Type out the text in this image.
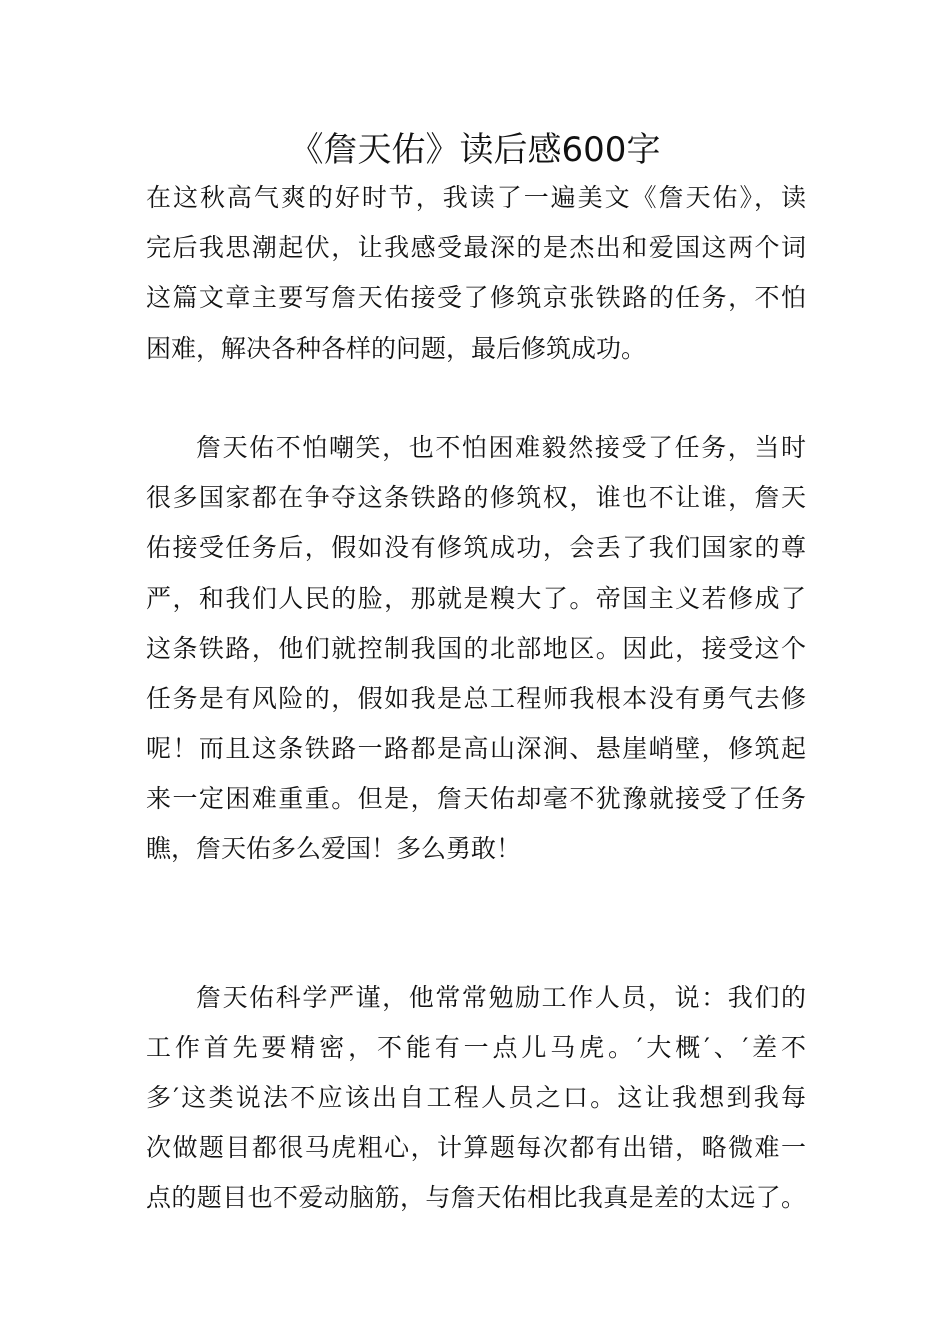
《詹天佑》读后感600字
在这秋高气爽的好时节，我读了一遍美文《詹天佑》，读
完后我思潮起伏，让我感受最深的是杰出和爱国这两个词
这篇文章主要写詹天佑接受了修筑京张铁路的任务，不怕
困难，解决各种各样的问题，最后修筑成功。
詹天佑不怕嘲笑，也不怕困难毅然接受了任务，当时
很多国家都在争夺这条铁路的修筑权，谁也不让谁，詹天
佑接受任务后，假如没有修筑成功，会丢了我们国家的尊
严，和我们人民的脸，那就是糗大了。帝国主义若修成了
这条铁路，他们就控制我国的北部地区。因此，接受这个
任务是有风险的，假如我是总工程师我根本没有勇气去修
呢！而且这条铁路一路都是高山深涧、悬崖峭壁，修筑起
来一定困难重重。但是，詹天佑却毫不犹豫就接受了任务
瞧，詹天佑多么爱国！多么勇敢！
詹天佑科学严谨，他常常勉励工作人员，说：我们的
工作首先要精密，不能有一点儿马虎。′大概′、′差不
多′这类说法不应该出自工程人员之口。这让我想到我每
次做题目都很马虎粗心，计算题每次都有出错，略微难一
点的题目也不爱动脑筋，与詹天佑相比我真是差的太远了。
